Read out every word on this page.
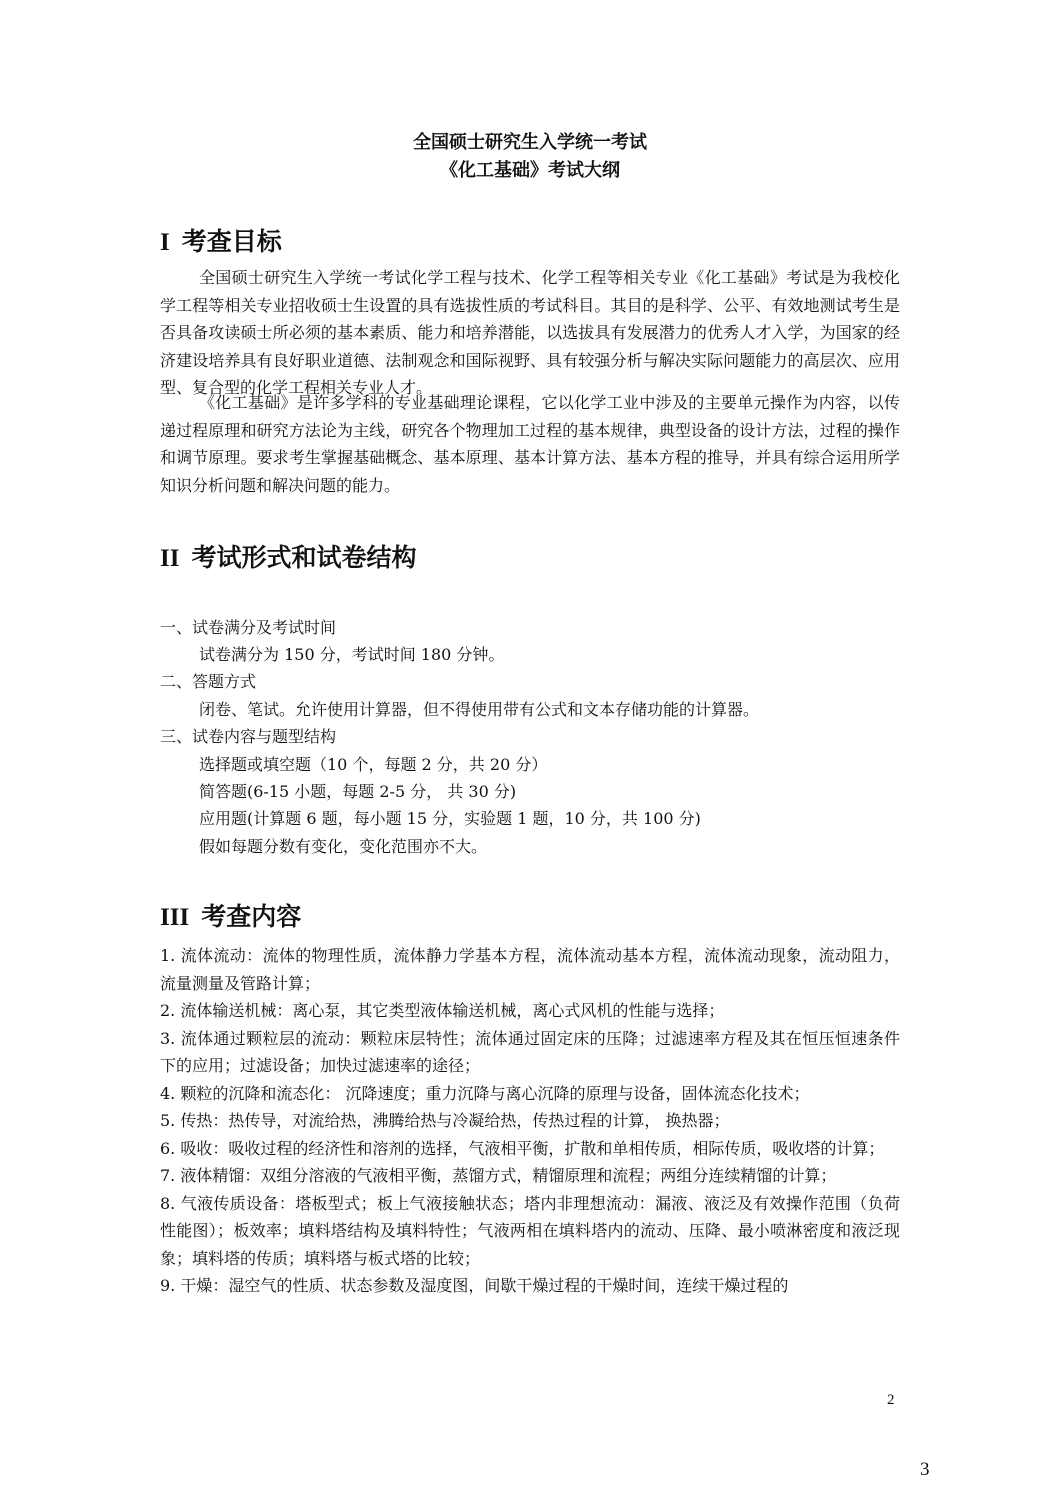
全国硕士研究生入学统一考试
《化工基础》考试大纲
I 考查目标

全国硕士研究生入学统一考试化学工程与技术、化学工程等相关专业《化工基础》考试是为我校化学工程等相关专业招收硕士生设置的具有选拔性质的考试科目。其目的是科学、公平、有效地测试考生是否具备攻读硕士所必须的基本素质、能力和培养潜能，以选拔具有发展潜力的优秀人才入学，为国家的经济建设培养具有良好职业道德、法制观念和国际视野、具有较强分析与解决实际问题能力的高层次、应用型、复合型的化学工程相关专业人才。

《化工基础》是许多学科的专业基础理论课程，它以化学工业中涉及的主要单元操作为内容，以传递过程原理和研究方法论为主线，研究各个物理加工过程的基本规律，典型设备的设计方法，过程的操作和调节原理。要求考生掌握基础概念、基本原理、基本计算方法、基本方程的推导，并具有综合运用所学知识分析问题和解决问题的能力。

II 考试形式和试卷结构
一、试卷满分及考试时间
试卷满分为 150 分，考试时间 180 分钟。
二、答题方式
闭卷、笔试。允许使用计算器，但不得使用带有公式和文本存储功能的计算器。
三、试卷内容与题型结构
选择题或填空题（10 个，每题 2 分，共 20 分）
简答题(6-15 小题，每题 2-5 分， 共 30 分)
应用题(计算题 6 题，每小题 15 分，实验题 1 题，10 分，共 100 分)
假如每题分数有变化，变化范围亦不大。
III 考查内容
1. 流体流动：流体的物理性质，流体静力学基本方程，流体流动基本方程，流体流动现象，流动阻力，流量测量及管路计算；
2. 流体输送机械：离心泵，其它类型液体输送机械，离心式风机的性能与选择；
3. 流体通过颗粒层的流动：颗粒床层特性；流体通过固定床的压降；过滤速率方程及其在恒压恒速条件下的应用；过滤设备；加快过滤速率的途径；
4. 颗粒的沉降和流态化： 沉降速度；重力沉降与离心沉降的原理与设备，固体流态化技术；
5. 传热：热传导，对流给热，沸腾给热与冷凝给热，传热过程的计算， 换热器；
6. 吸收：吸收过程的经济性和溶剂的选择，气液相平衡，扩散和单相传质，相际传质，吸收塔的计算；
7. 液体精馏：双组分溶液的气液相平衡，蒸馏方式，精馏原理和流程；两组分连续精馏的计算；
8. 气液传质设备：塔板型式；板上气液接触状态；塔内非理想流动：漏液、液泛及有效操作范围（负荷性能图）；板效率；填料塔结构及填料特性；气液两相在填料塔内的流动、压降、最小喷淋密度和液泛现象；填料塔的传质；填料塔与板式塔的比较；
9. 干燥：湿空气的性质、状态参数及湿度图，间歇干燥过程的干燥时间，连续干燥过程的
2
3
